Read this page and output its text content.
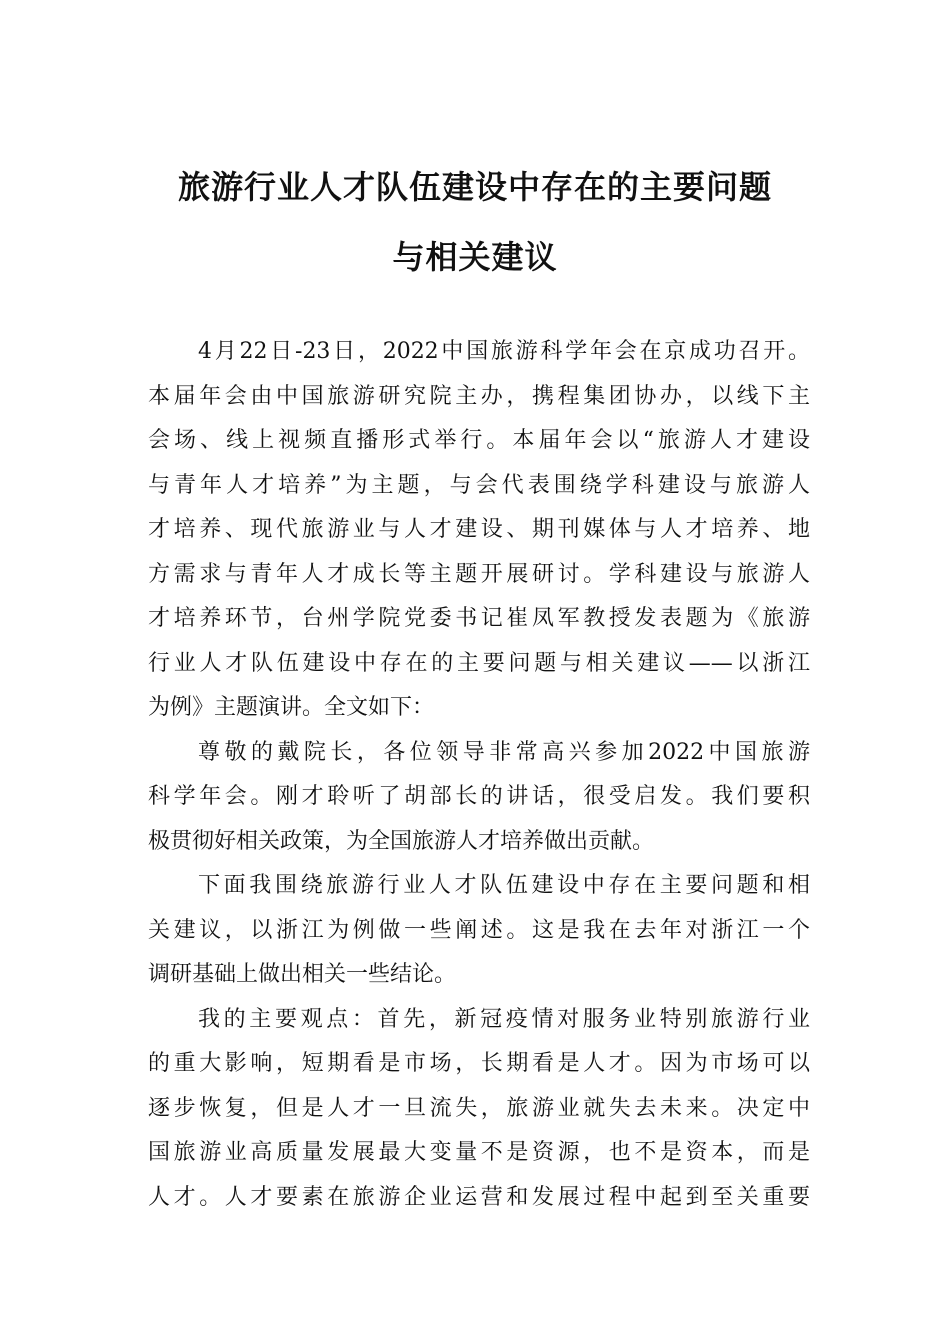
旅游行业人才队伍建设中存在的主要问题
与相关建议
4月22日-23日，2022中国旅游科学年会在京成功召开。
本届年会由中国旅游研究院主办，携程集团协办，以线下主
会场、线上视频直播形式举行。本届年会以“旅游人才建设
与青年人才培养”为主题，与会代表围绕学科建设与旅游人
才培养、现代旅游业与人才建设、期刊媒体与人才培养、地
方需求与青年人才成长等主题开展研讨。学科建设与旅游人
才培养环节，台州学院党委书记崔凤军教授发表题为《旅游
行业人才队伍建设中存在的主要问题与相关建议——以浙江
为例》主题演讲。全文如下：
尊敬的戴院长，各位领导非常高兴参加2022中国旅游
科学年会。刚才聆听了胡部长的讲话，很受启发。我们要积
极贯彻好相关政策，为全国旅游人才培养做出贡献。
下面我围绕旅游行业人才队伍建设中存在主要问题和相
关建议，以浙江为例做一些阐述。这是我在去年对浙江一个
调研基础上做出相关一些结论。
我的主要观点：首先，新冠疫情对服务业特别旅游行业
的重大影响，短期看是市场，长期看是人才。因为市场可以
逐步恢复，但是人才一旦流失，旅游业就失去未来。决定中
国旅游业高质量发展最大变量不是资源，也不是资本，而是
人才。人才要素在旅游企业运营和发展过程中起到至关重要
